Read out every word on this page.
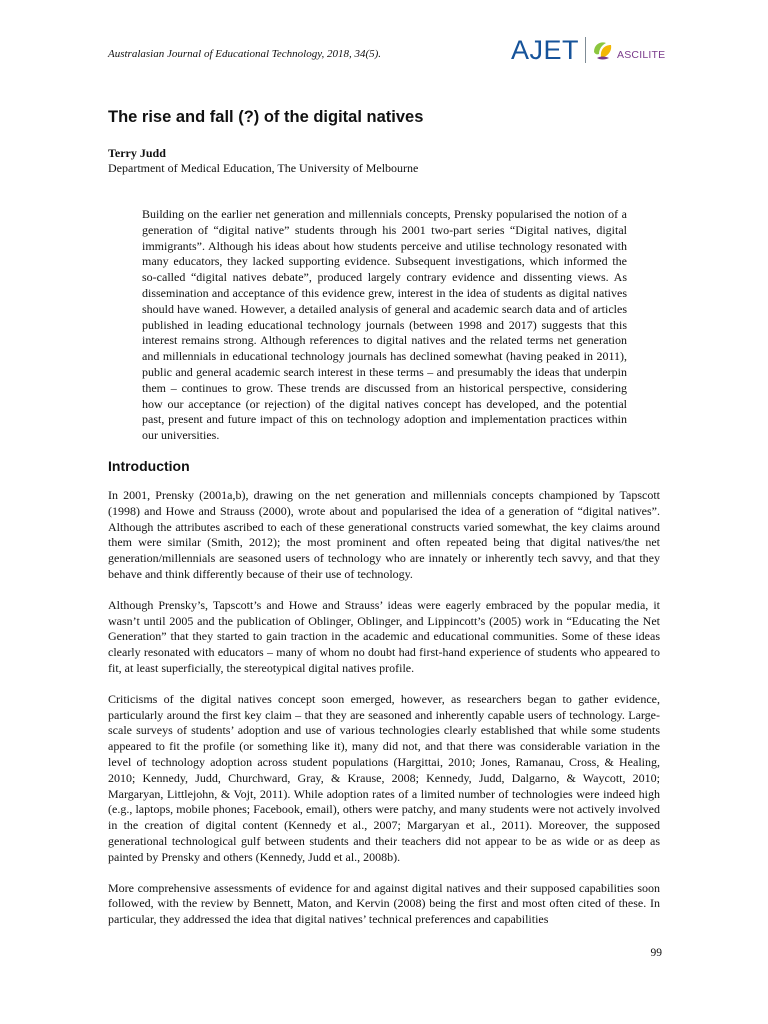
Australasian Journal of Educational Technology, 2018, 34(5).	AJET	ASCILITE
The rise and fall (?) of the digital natives
Terry Judd
Department of Medical Education, The University of Melbourne

Building on the earlier net generation and millennials concepts, Prensky popularised the notion of a generation of “digital native” students through his 2001 two-part series “Digital natives, digital immigrants”. Although his ideas about how students perceive and utilise technology resonated with many educators, they lacked supporting evidence. Subsequent investigations, which informed the so-called “digital natives debate”, produced largely contrary evidence and dissenting views. As dissemination and acceptance of this evidence grew, interest in the idea of students as digital natives should have waned. However, a detailed analysis of general and academic search data and of articles published in leading educational technology journals (between 1998 and 2017) suggests that this interest remains strong. Although references to digital natives and the related terms net generation and millennials in educational technology journals has declined somewhat (having peaked in 2011), public and general academic search interest in these terms – and presumably the ideas that underpin them – continues to grow. These trends are discussed from an historical perspective, considering how our acceptance (or rejection) of the digital natives concept has developed, and the potential past, present and future impact of this on technology adoption and implementation practices within our universities.

Introduction

In 2001, Prensky (2001a,b), drawing on the net generation and millennials concepts championed by Tapscott (1998) and Howe and Strauss (2000), wrote about and popularised the idea of a generation of “digital natives”. Although the attributes ascribed to each of these generational constructs varied somewhat, the key claims around them were similar (Smith, 2012); the most prominent and often repeated being that digital natives/the net generation/millennials are seasoned users of technology who are innately or inherently tech savvy, and that they behave and think differently because of their use of technology.

Although Prensky’s, Tapscott’s and Howe and Strauss’ ideas were eagerly embraced by the popular media, it wasn’t until 2005 and the publication of Oblinger, Oblinger, and Lippincott’s (2005) work in “Educating the Net Generation” that they started to gain traction in the academic and educational communities. Some of these ideas clearly resonated with educators – many of whom no doubt had first-hand experience of students who appeared to fit, at least superficially, the stereotypical digital natives profile.

Criticisms of the digital natives concept soon emerged, however, as researchers began to gather evidence, particularly around the first key claim – that they are seasoned and inherently capable users of technology. Large-scale surveys of students’ adoption and use of various technologies clearly established that while some students appeared to fit the profile (or something like it), many did not, and that there was considerable variation in the level of technology adoption across student populations (Hargittai, 2010; Jones, Ramanau, Cross, & Healing, 2010; Kennedy, Judd, Churchward, Gray, & Krause, 2008; Kennedy, Judd, Dalgarno, & Waycott, 2010; Margaryan, Littlejohn, & Vojt, 2011). While adoption rates of a limited number of technologies were indeed high (e.g., laptops, mobile phones; Facebook, email), others were patchy, and many students were not actively involved in the creation of digital content (Kennedy et al., 2007; Margaryan et al., 2011). Moreover, the supposed generational technological gulf between students and their teachers did not appear to be as wide or as deep as painted by Prensky and others (Kennedy, Judd et al., 2008b).

More comprehensive assessments of evidence for and against digital natives and their supposed capabilities soon followed, with the review by Bennett, Maton, and Kervin (2008) being the first and most often cited of these. In particular, they addressed the idea that digital natives’ technical preferences and capabilities

99
